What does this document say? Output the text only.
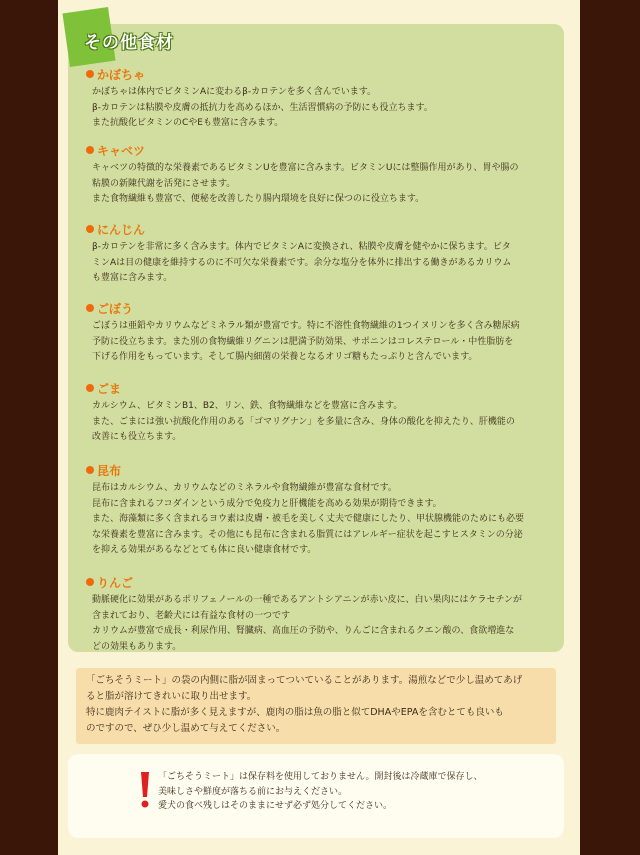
その他食材
かぼちゃ
かぼちゃは体内でビタミンAに変わるβ-カロテンを多く含んでいます。
β-カロテンは粘膜や皮膚の抵抗力を高めるほか、生活習慣病の予防にも役立ちます。
また抗酸化ビタミンのCやEも豊富に含みます。
キャベツ
キャベツの特徴的な栄養素であるビタミンUを豊富に含みます。ビタミンUには整腸作用があり、胃や腸の
粘膜の新陳代謝を活発にさせます。
また食物繊維も豊富で、便秘を改善したり腸内環境を良好に保つのに役立ちます。
にんじん
β-カロテンを非常に多く含みます。体内でビタミンAに変換され、粘膜や皮膚を健やかに保ちます。ビタ
ミンAは目の健康を維持するのに不可欠な栄養素です。余分な塩分を体外に排出する働きがあるカリウム
も豊富に含みます。
ごぼう
ごぼうは亜鉛やカリウムなどミネラル類が豊富です。特に不溶性食物繊維の1つイヌリンを多く含み糖尿病
予防に役立ちます。また別の食物繊維リグニンは肥満予防効果、サポニンはコレステロール・中性脂肪を
下げる作用をもっています。そして腸内細菌の栄養となるオリゴ糖もたっぷりと含んでいます。
ごま
カルシウム、ビタミンB1、B2、リン、鉄、食物繊維などを豊富に含みます。
また、ごまには強い抗酸化作用のある「ゴマリグナン」を多量に含み、身体の酸化を抑えたり、肝機能の
改善にも役立ちます。
昆布
昆布はカルシウム、カリウムなどのミネラルや食物繊維が豊富な食材です。
昆布に含まれるフコダインという成分で免疫力と肝機能を高める効果が期待できます。
また、海藻類に多く含まれるヨウ素は皮膚・被毛を美しく丈夫で健康にしたり、甲状腺機能のためにも必要
な栄養素を豊富に含みます。その他にも昆布に含まれる脂質にはアレルギー症状を起こすヒスタミンの分泌
を抑える効果があるなどとても体に良い健康食材です。
りんご
動脈硬化に効果があるポリフェノールの一種であるアントシアニンが赤い皮に、白い果肉にはケラセチンが
含まれており、老齢犬には有益な食材の一つです
カリウムが豊富で成長・利尿作用、腎臓病、高血圧の予防や、りんごに含まれるクエン酸の、食欲増進な
どの効果もあります。
「ごちそうミート」の袋の内側に脂が固まってついていることがあります。湯煎などで少し温めてあげ
ると脂が溶けてきれいに取り出せます。
特に鹿肉テイストに脂が多く見えますが、鹿肉の脂は魚の脂と似てDHAやEPAを含むとても良いも
のですので、ぜひ少し温めて与えてください。
「ごちそうミート」は保存料を使用しておりません。開封後は冷蔵庫で保存し、
美味しさや鮮度が落ちる前にお与えください。
愛犬の食べ残しはそのままにせず必ず処分してください。
